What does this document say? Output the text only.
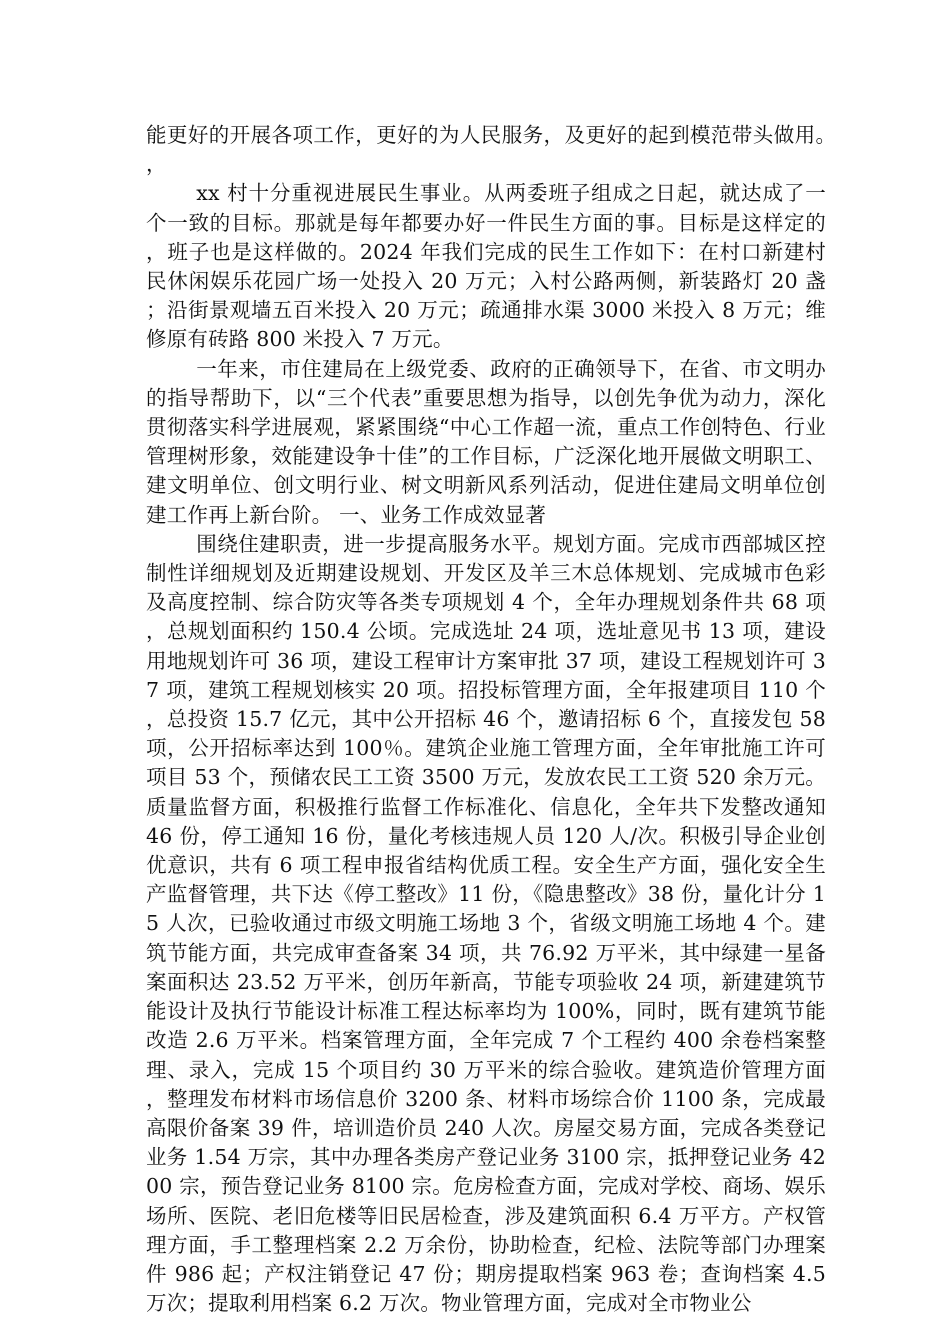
能更好的开展各项工作，更好的为人民服务，及更好的起到模范带头做用。，

xx 村十分重视进展民生事业。从两委班子组成之日起，就达成了一个一致的目标。那就是每年都要办好一件民生方面的事。目标是这样定的，班子也是这样做的。2024 年我们完成的民生工作如下：在村口新建村民休闲娱乐花园广场一处投入 20 万元；入村公路两侧，新装路灯 20 盏；沿街景观墙五百米投入 20 万元；疏通排水渠 3000 米投入 8 万元；维修原有砖路 800 米投入 7 万元。

一年来，市住建局在上级党委、政府的正确领导下，在省、市文明办的指导帮助下，以“三个代表”重要思想为指导，以创先争优为动力，深化贯彻落实科学进展观，紧紧围绕“中心工作超一流，重点工作创特色、行业管理树形象，效能建设争十佳”的工作目标，广泛深化地开展做文明职工、建文明单位、创文明行业、树文明新风系列活动，促进住建局文明单位创建工作再上新台阶。 一、业务工作成效显著

围绕住建职责，进一步提高服务水平。规划方面。完成市西部城区控制性详细规划及近期建设规划、开发区及羊三木总体规划、完成城市色彩及高度控制、综合防灾等各类专项规划 4 个，全年办理规划条件共 68 项，总规划面积约 150.4 公顷。完成选址 24 项，选址意见书 13 项，建设用地规划许可 36 项，建设工程审计方案审批 37 项，建设工程规划许可 37 项，建筑工程规划核实 20 项。招投标管理方面，全年报建项目 110 个，总投资 15.7 亿元，其中公开招标 46 个，邀请招标 6 个，直接发包 58 项，公开招标率达到 100％。建筑企业施工管理方面，全年审批施工许可项目 53 个，预储农民工工资 3500 万元，发放农民工工资 520 余万元。质量监督方面，积极推行监督工作标准化、信息化，全年共下发整改通知 46 份，停工通知 16 份，量化考核违规人员 120 人/次。积极引导企业创优意识，共有 6 项工程申报省结构优质工程。安全生产方面，强化安全生产监督管理，共下达《停工整改》11 份，《隐患整改》38 份，量化计分 15 人次，已验收通过市级文明施工场地 3 个，省级文明施工场地 4 个。建筑节能方面，共完成审查备案 34 项，共 76.92 万平米，其中绿建一星备案面积达 23.52 万平米，创历年新高，节能专项验收 24 项，新建建筑节能设计及执行节能设计标准工程达标率均为 100%，同时，既有建筑节能改造 2.6 万平米。档案管理方面，全年完成 7 个工程约 400 余卷档案整理、录入，完成 15 个项目约 30 万平米的综合验收。建筑造价管理方面，整理发布材料市场信息价 3200 条、材料市场综合价 1100 条，完成最高限价备案 39 件，培训造价员 240 人次。房屋交易方面，完成各类登记业务 1.54 万宗，其中办理各类房产登记业务 3100 宗，抵押登记业务 4200 宗，预告登记业务 8100 宗。危房检查方面，完成对学校、商场、娱乐场所、医院、老旧危楼等旧民居检查，涉及建筑面积 6.4 万平方。产权管理方面，手工整理档案 2.2 万余份，协助检查，纪检、法院等部门办理案件 986 起；产权注销登记 47 份；期房提取档案 963 卷；查询档案 4.5 万次；提取利用档案 6.2 万次。物业管理方面，完成对全市物业公
